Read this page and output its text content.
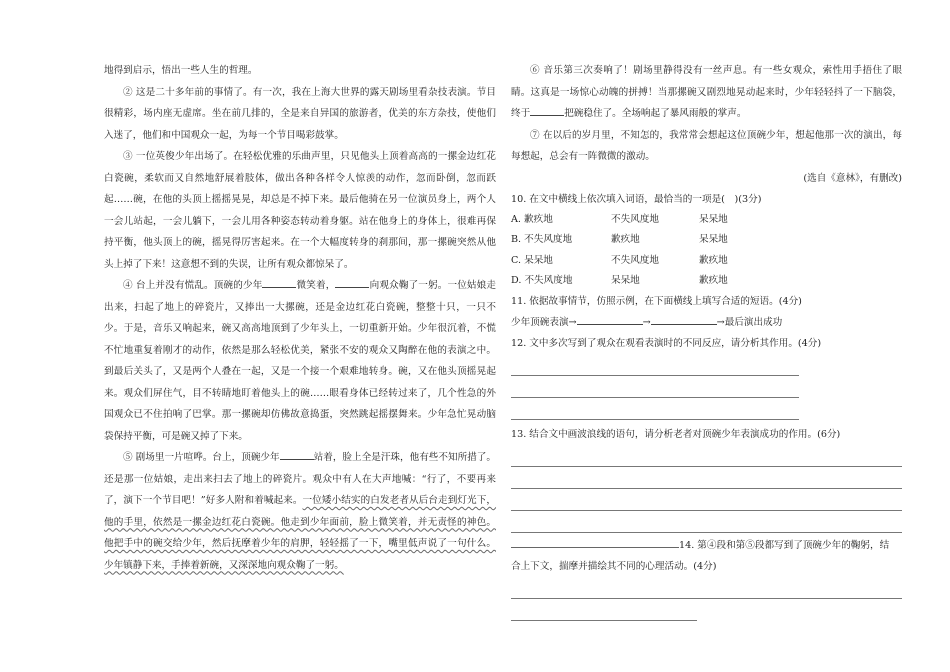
地得到启示，悟出一些人生的哲理。

② 这是二十多年前的事情了。有一次，我在上海大世界的露天剧场里看杂技表演。节目很精彩，场内座无虚席。坐在前几排的，全是来自异国的旅游者，优美的东方杂技，使他们入迷了，他们和中国观众一起，为每一个节目喝彩鼓掌。

③ 一位英俊少年出场了。在轻松优雅的乐曲声里，只见他头上顶着高高的一摞金边红花白瓷碗，柔软而又自然地舒展着肢体，做出各种各样令人惊羡的动作，忽而卧倒，忽而跃起……碗，在他的头顶上摇摇晃晃，却总是不掉下来。最后他骑在另一位演员身上，两个人一会儿站起，一会儿躺下，一会儿用各种姿态转动着身躯。站在他身上的身体上，很难再保持平衡，他头顶上的碗，摇晃得厉害起来。在一个大幅度转身的刹那间，那一摞碗突然从他头上掉了下来！这意想不到的失误，让所有观众都惊呆了。

④ 台上并没有慌乱。顶碗的少年	微笑着，	向观众鞠了一躬。一位姑娘走出来，扫起了地上的碎瓷片，又捧出一大摞碗，还是金边红花白瓷碗，整整十只，一只不少。于是，音乐又响起来，碗又高高地顶到了少年头上，一切重新开始。少年很沉着，不慌不忙地重复着刚才的动作，依然是那么轻松优美，紧张不安的观众又陶醉在他的表演之中。到最后关头了，又是两个人叠在一起，又是一个接一个艰难地转身。碗，又在他头顶摇晃起来。观众们屏住气，目不转睛地盯着他头上的碗……眼看身体已经转过来了，几个性急的外国观众已不住拍响了巴掌。那一摞碗却仿佛故意捣蛋，突然跳起摇摆舞来。少年急忙晃动脑袋保持平衡，可是碗又掉了下来。

⑤ 剧场里一片喧哗。台上，顶碗少年	站着，脸上全是汗珠，他有些不知所措了。还是那一位姑娘，走出来扫去了地上的碎瓷片。观众中有人在大声地喊：“行了，不要再来了，演下一个节目吧！”好多人附和着喊起来。一位矮小结实的白发老者从后台走到灯光下，他的手里，依然是一摞金边红花白瓷碗。他走到少年面前，脸上微笑着，并无责怪的神色。他把手中的碗交给少年，然后抚摩着少年的肩胛，轻轻摇了一下，嘴里低声说了一句什么。少年镇静下来，手捧着新碗，又深深地向观众鞠了一躬。

⑥ 音乐第三次奏响了！剧场里静得没有一丝声息。有一些女观众，索性用手捂住了眼睛。这真是一场惊心动魄的拼搏！当那摞碗又剧烈地晃动起来时，少年轻轻抖了一下脑袋，终于	把碗稳住了。全场响起了暴风雨般的掌声。

⑦ 在以后的岁月里，不知怎的，我常常会想起这位顶碗少年，想起他那一次的演出，每每想起，总会有一阵微微的激动。

(选自《意林》，有删改)

10. 在文中横线上依次填入词语，最恰当的一项是(　)(3分)

A. 歉疚地	不失风度地	呆呆地
B. 不失风度地	歉疚地	呆呆地
C. 呆呆地	不失风度地	歉疚地
D. 不失风度地	呆呆地	歉疚地

11. 依据故事情节，仿照示例，在下面横线上填写合适的短语。(4分)

少年顶碗表演→	→	→最后演出成功

12. 文中多次写到了观众在观看表演时的不同反应，请分析其作用。(4分)

13. 结合文中画波浪线的语句，请分析老者对顶碗少年表演成功的作用。(6分)

14. 第④段和第⑤段都写到了顶碗少年的鞠躬，结

合上下文，揣摩并描绘其不同的心理活动。(4分)
